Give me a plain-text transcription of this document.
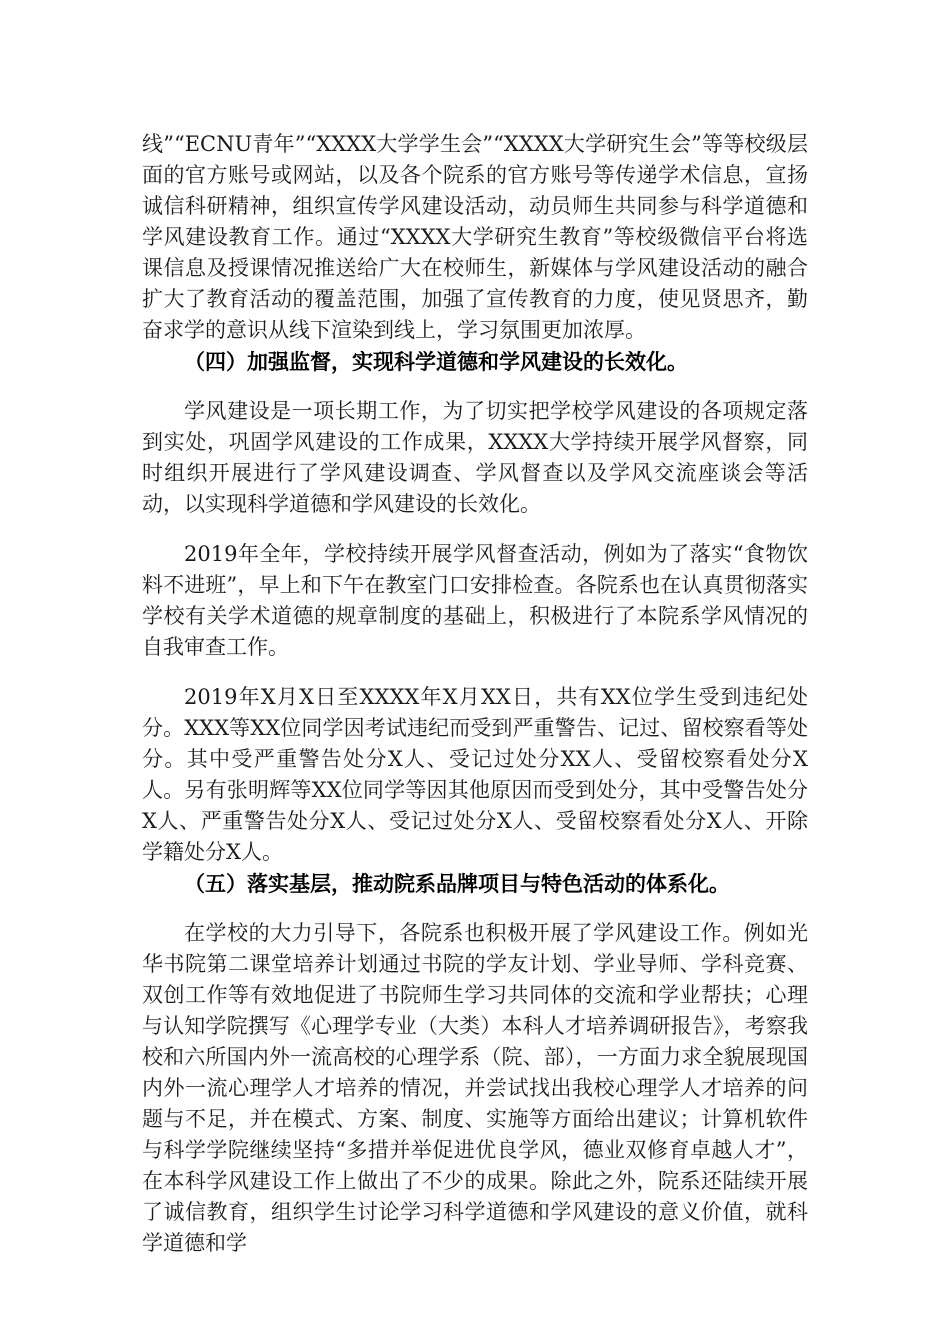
线”“ECNU青年”“XXXX大学学生会”“XXXX大学研究生会”等等校级层面的官方账号或网站，以及各个院系的官方账号等传递学术信息，宣扬诚信科研精神，组织宣传学风建设活动，动员师生共同参与科学道德和学风建设教育工作。通过“XXXX大学研究生教育”等校级微信平台将选课信息及授课情况推送给广大在校师生，新媒体与学风建设活动的融合扩大了教育活动的覆盖范围，加强了宣传教育的力度，使见贤思齐，勤奋求学的意识从线下渲染到线上，学习氛围更加浓厚。

（四）加强监督，实现科学道德和学风建设的长效化。

学风建设是一项长期工作，为了切实把学校学风建设的各项规定落到实处，巩固学风建设的工作成果，XXXX大学持续开展学风督察，同时组织开展进行了学风建设调查、学风督查以及学风交流座谈会等活动，以实现科学道德和学风建设的长效化。

2019年全年，学校持续开展学风督查活动，例如为了落实“食物饮料不进班”，早上和下午在教室门口安排检查。各院系也在认真贯彻落实学校有关学术道德的规章制度的基础上，积极进行了本院系学风情况的自我审查工作。

2019年X月X日至XXXX年X月XX日，共有XX位学生受到违纪处分。XXX等XX位同学因考试违纪而受到严重警告、记过、留校察看等处分。其中受严重警告处分X人、受记过处分XX人、受留校察看处分X人。另有张明辉等XX位同学等因其他原因而受到处分，其中受警告处分X人、严重警告处分X人、受记过处分X人、受留校察看处分X人、开除学籍处分X人。

（五）落实基层，推动院系品牌项目与特色活动的体系化。

在学校的大力引导下，各院系也积极开展了学风建设工作。例如光华书院第二课堂培养计划通过书院的学友计划、学业导师、学科竞赛、双创工作等有效地促进了书院师生学习共同体的交流和学业帮扶；心理与认知学院撰写《心理学专业（大类）本科人才培养调研报告》，考察我校和六所国内外一流高校的心理学系（院、部），一方面力求全貌展现国内外一流心理学人才培养的情况，并尝试找出我校心理学人才培养的问题与不足，并在模式、方案、制度、实施等方面给出建议；计算机软件与科学学院继续坚持“多措并举促进优良学风，德业双修育卓越人才”，在本科学风建设工作上做出了不少的成果。除此之外，院系还陆续开展了诚信教育，组织学生讨论学习科学道德和学风建设的意义价值，就科学道德和学
